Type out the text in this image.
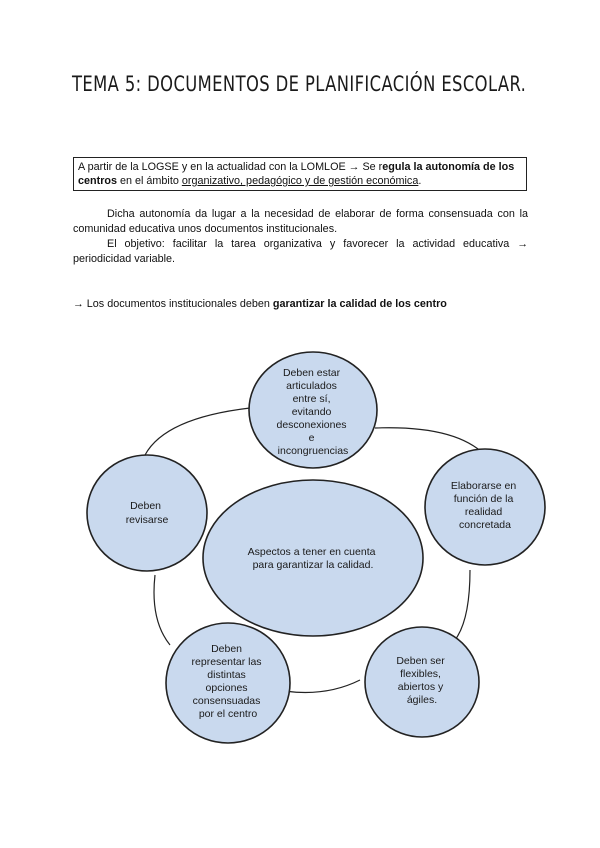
TEMA 5: DOCUMENTOS DE PLANIFICACIÓN ESCOLAR.
A partir de la LOGSE y en la actualidad con la LOMLOE → Se regula la autonomía de los centros en el ámbito organizativo, pedagógico y de gestión económica.

Dicha autonomía da lugar a la necesidad de elaborar de forma consensuada con la comunidad educativa unos documentos institucionales.

El objetivo: facilitar la tarea organizativa y favorecer la actividad educativa → periodicidad variable.

→ Los documentos institucionales deben garantizar la calidad de los centro
Deben estar articulados entre sí, evitando desconexiones e incongruencias
Elaborarse en función de la realidad concretada
Deben ser flexibles, abiertos y ágiles.
Deben representar las distintas opciones consensuadas por el centro
Deben revisarse
Aspectos a tener en cuenta para garantizar la calidad.
